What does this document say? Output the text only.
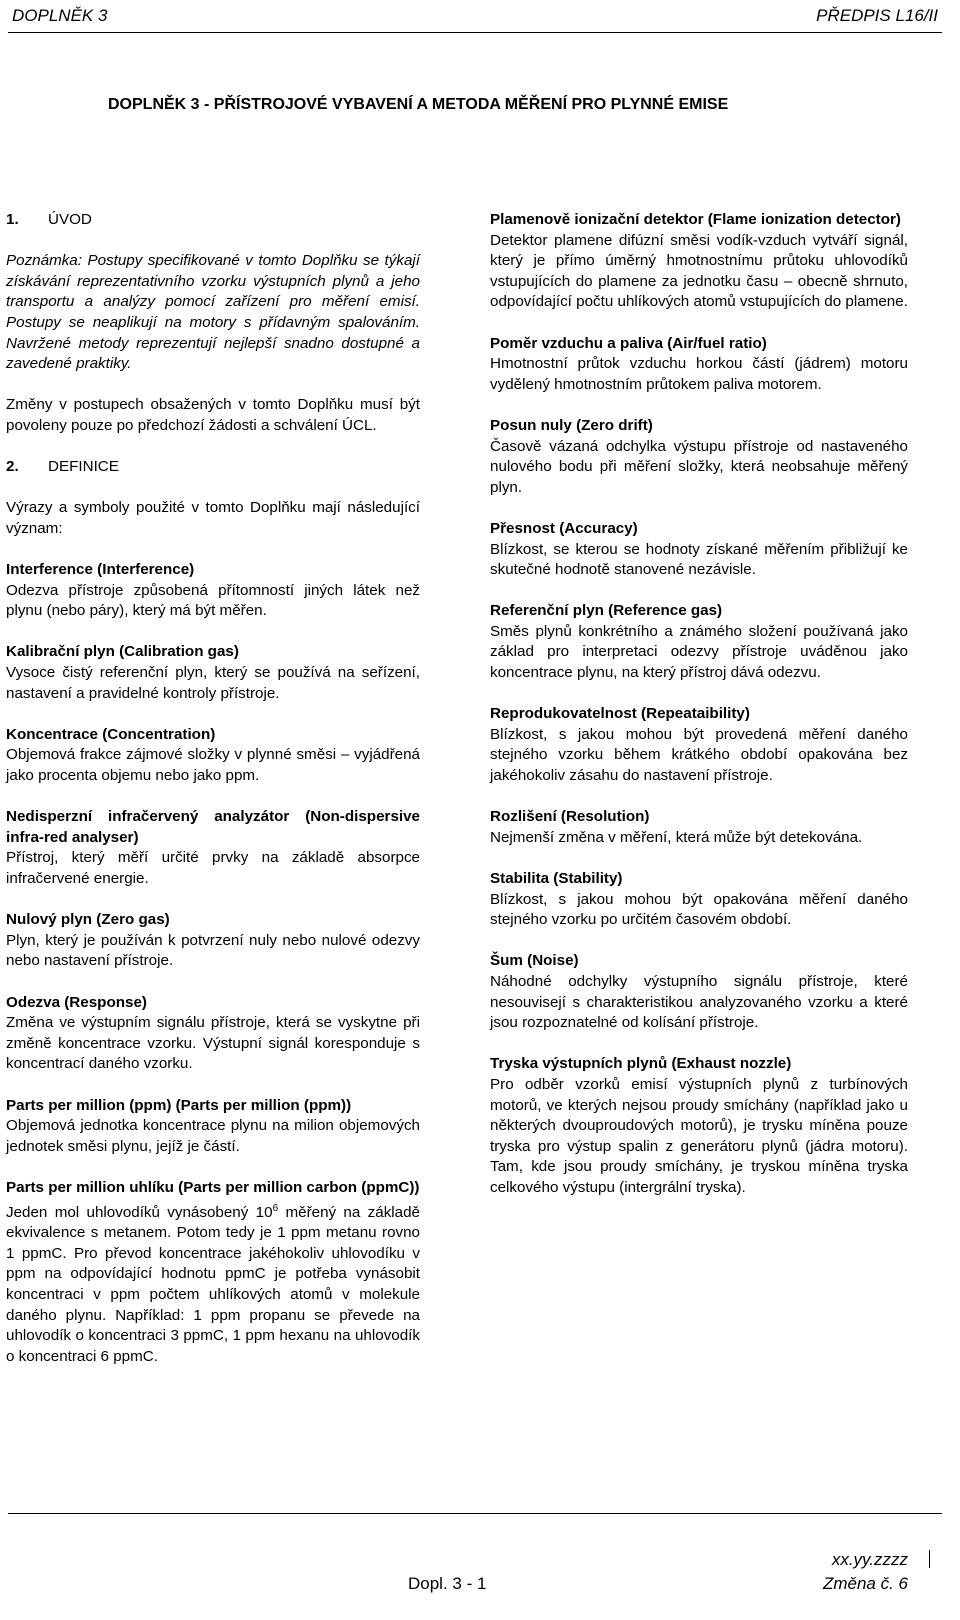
DOPLNĚK 3	PŘEDPIS L16/II
DOPLNĚK 3 - PŘÍSTROJOVÉ VYBAVENÍ A METODA MĚŘENÍ PRO PLYNNÉ EMISE

1. ÚVOD

Poznámka: Postupy specifikované v tomto Doplňku se týkají získávání reprezentativního vzorku výstupních plynů a jeho transportu a analýzy pomocí zařízení pro měření emisí. Postupy se neaplikují na motory s přídavným spalováním. Navržené metody reprezentují nejlepší snadno dostupné a zavedené praktiky.

Změny v postupech obsažených v tomto Doplňku musí být povoleny pouze po předchozí žádosti a schválení ÚCL.

2. DEFINICE

Výrazy a symboly použité v tomto Doplňku mají následující význam:

Interference (Interference)
Odezva přístroje způsobená přítomností jiných látek než plynu (nebo páry), který má být měřen.

Kalibrační plyn (Calibration gas)
Vysoce čistý referenční plyn, který se používá na seřízení, nastavení a pravidelné kontroly přístroje.

Koncentrace (Concentration)
Objemová frakce zájmové složky v plynné směsi – vyjádřená jako procenta objemu nebo jako ppm.

Nedisperzní infračervený analyzátor (Non-dispersive infra-red analyser)
Přístroj, který měří určité prvky na základě absorpce infračervené energie.

Nulový plyn (Zero gas)
Plyn, který je používán k potvrzení nuly nebo nulové odezvy nebo nastavení přístroje.

Odezva (Response)
Změna ve výstupním signálu přístroje, která se vyskytne při změně koncentrace vzorku. Výstupní signál koresponduje s koncentrací daného vzorku.

Parts per million (ppm) (Parts per million (ppm))
Objemová jednotka koncentrace plynu na milion objemových jednotek směsi plynu, jejíž je částí.

Parts per million uhlíku (Parts per million carbon (ppmC))
Jeden mol uhlovodíků vynásobený $10^6$ měřený na základě ekvivalence s metanem. Potom tedy je 1 ppm metanu rovno 1 ppmC. Pro převod koncentrace jakéhokoliv uhlovodíku v ppm na odpovídající hodnotu ppmC je potřeba vynásobit koncentraci v ppm počtem uhlíkových atomů v molekule daného plynu. Například: 1 ppm propanu se převede na uhlovodík o koncentraci 3 ppmC, 1 ppm hexanu na uhlovodík o koncentraci 6 ppmC.

Plamenově ionizační detektor (Flame ionization detector)
Detektor plamene difúzní směsi vodík-vzduch vytváří signál, který je přímo úměrný hmotnostnímu průtoku uhlovodíků vstupujících do plamene za jednotku času – obecně shrnuto, odpovídající počtu uhlíkových atomů vstupujících do plamene.

Poměr vzduchu a paliva (Air/fuel ratio)
Hmotnostní průtok vzduchu horkou částí (jádrem) motoru vydělený hmotnostním průtokem paliva motorem.

Posun nuly (Zero drift)
Časově vázaná odchylka výstupu přístroje od nastaveného nulového bodu při měření složky, která neobsahuje měřený plyn.

Přesnost (Accuracy)
Blízkost, se kterou se hodnoty získané měřením přibližují ke skutečné hodnotě stanovené nezávisle.

Referenční plyn (Reference gas)
Směs plynů konkrétního a známého složení používaná jako základ pro interpretaci odezvy přístroje uváděnou jako koncentrace plynu, na který přístroj dává odezvu.

Reprodukovatelnost (Repeataibility)
Blízkost, s jakou mohou být provedená měření daného stejného vzorku během krátkého období opakována bez jakéhokoliv zásahu do nastavení přístroje.

Rozlišení (Resolution)
Nejmenší změna v měření, která může být detekována.

Stabilita (Stability)
Blízkost, s jakou mohou být opakována měření daného stejného vzorku po určitém časovém období.

Šum (Noise)
Náhodné odchylky výstupního signálu přístroje, které nesouvisejí s charakteristikou analyzovaného vzorku a které jsou rozpoznatelné od kolísání přístroje.

Tryska výstupních plynů (Exhaust nozzle)
Pro odběr vzorků emisí výstupních plynů z turbínových motorů, ve kterých nejsou proudy smíchány (například jako u některých dvouproudových motorů), je trysku míněna pouze tryska pro výstup spalin z generátoru plynů (jádra motoru). Tam, kde jsou proudy smíchány, je tryskou míněna tryska celkového výstupu (intergrální tryska).

Dopl. 3 - 1
xx.yy.zzzz
Změna č. 6
